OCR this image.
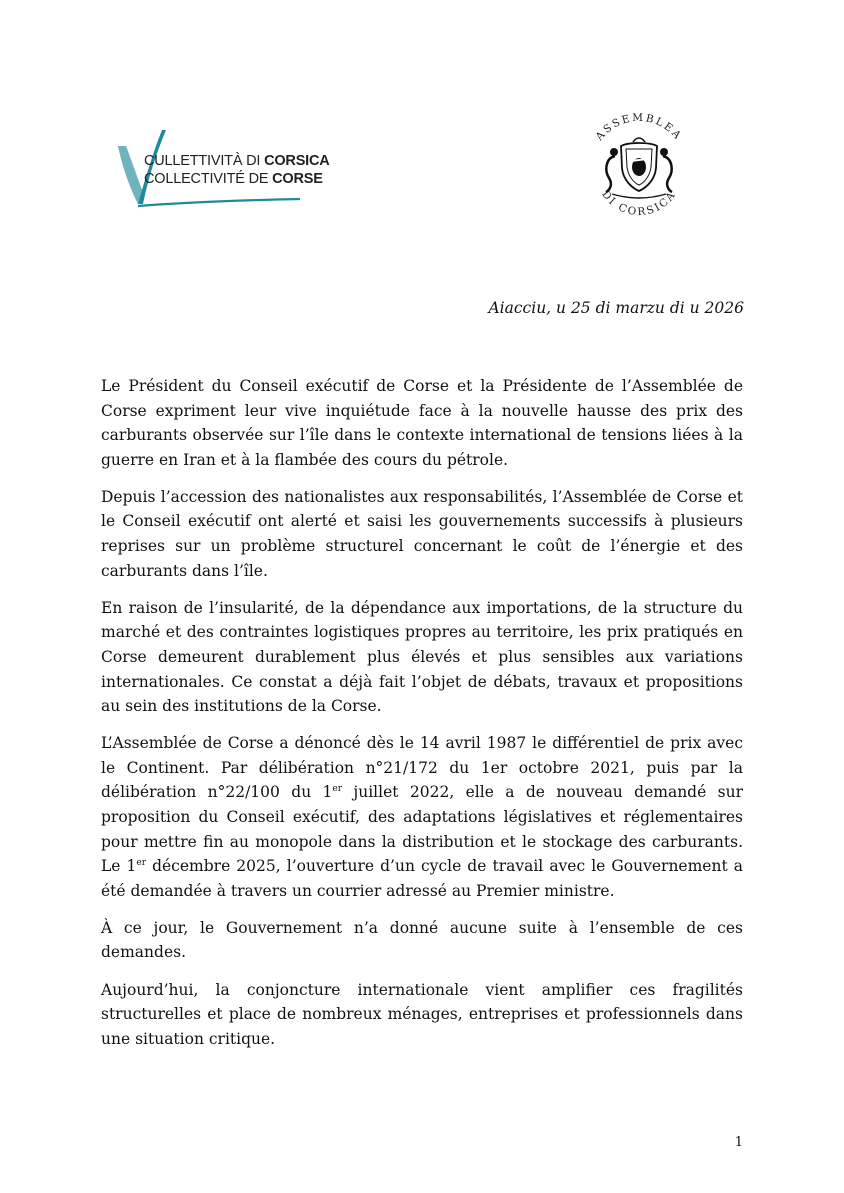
CULLETTIVITÀ DI CORSICA
COLLECTIVITÉ DE CORSE
ASSEMBLEA
DI CORSICA
Aiacciu, u 25 di marzu di u 2026

Le Président du Conseil exécutif de Corse et la Présidente de l’Assemblée de Corse expriment leur vive inquiétude face à la nouvelle hausse des prix des carburants observée sur l’île dans le contexte international de tensions liées à la guerre en Iran et à la flambée des cours du pétrole.

Depuis l’accession des nationalistes aux responsabilités, l’Assemblée de Corse et le Conseil exécutif ont alerté et saisi les gouvernements successifs à plusieurs reprises sur un problème structurel concernant le coût de l’énergie et des carburants dans l’île.

En raison de l’insularité, de la dépendance aux importations, de la structure du marché et des contraintes logistiques propres au territoire, les prix pratiqués en Corse demeurent durablement plus élevés et plus sensibles aux variations internationales. Ce constat a déjà fait l’objet de débats, travaux et propositions au sein des institutions de la Corse.

L’Assemblée de Corse a dénoncé dès le 14 avril 1987 le différentiel de prix avec le Continent. Par délibération n°21/172 du 1er octobre 2021, puis par la délibération n°22/100 du 1er juillet 2022, elle a de nouveau demandé sur proposition du Conseil exécutif, des adaptations législatives et réglementaires pour mettre fin au monopole dans la distribution et le stockage des carburants. Le 1er décembre 2025, l’ouverture d’un cycle de travail avec le Gouvernement a été demandée à travers un courrier adressé au Premier ministre.

À ce jour, le Gouvernement n’a donné aucune suite à l’ensemble de ces demandes.

Aujourd’hui, la conjoncture internationale vient amplifier ces fragilités structurelles et place de nombreux ménages, entreprises et professionnels dans une situation critique.

1
